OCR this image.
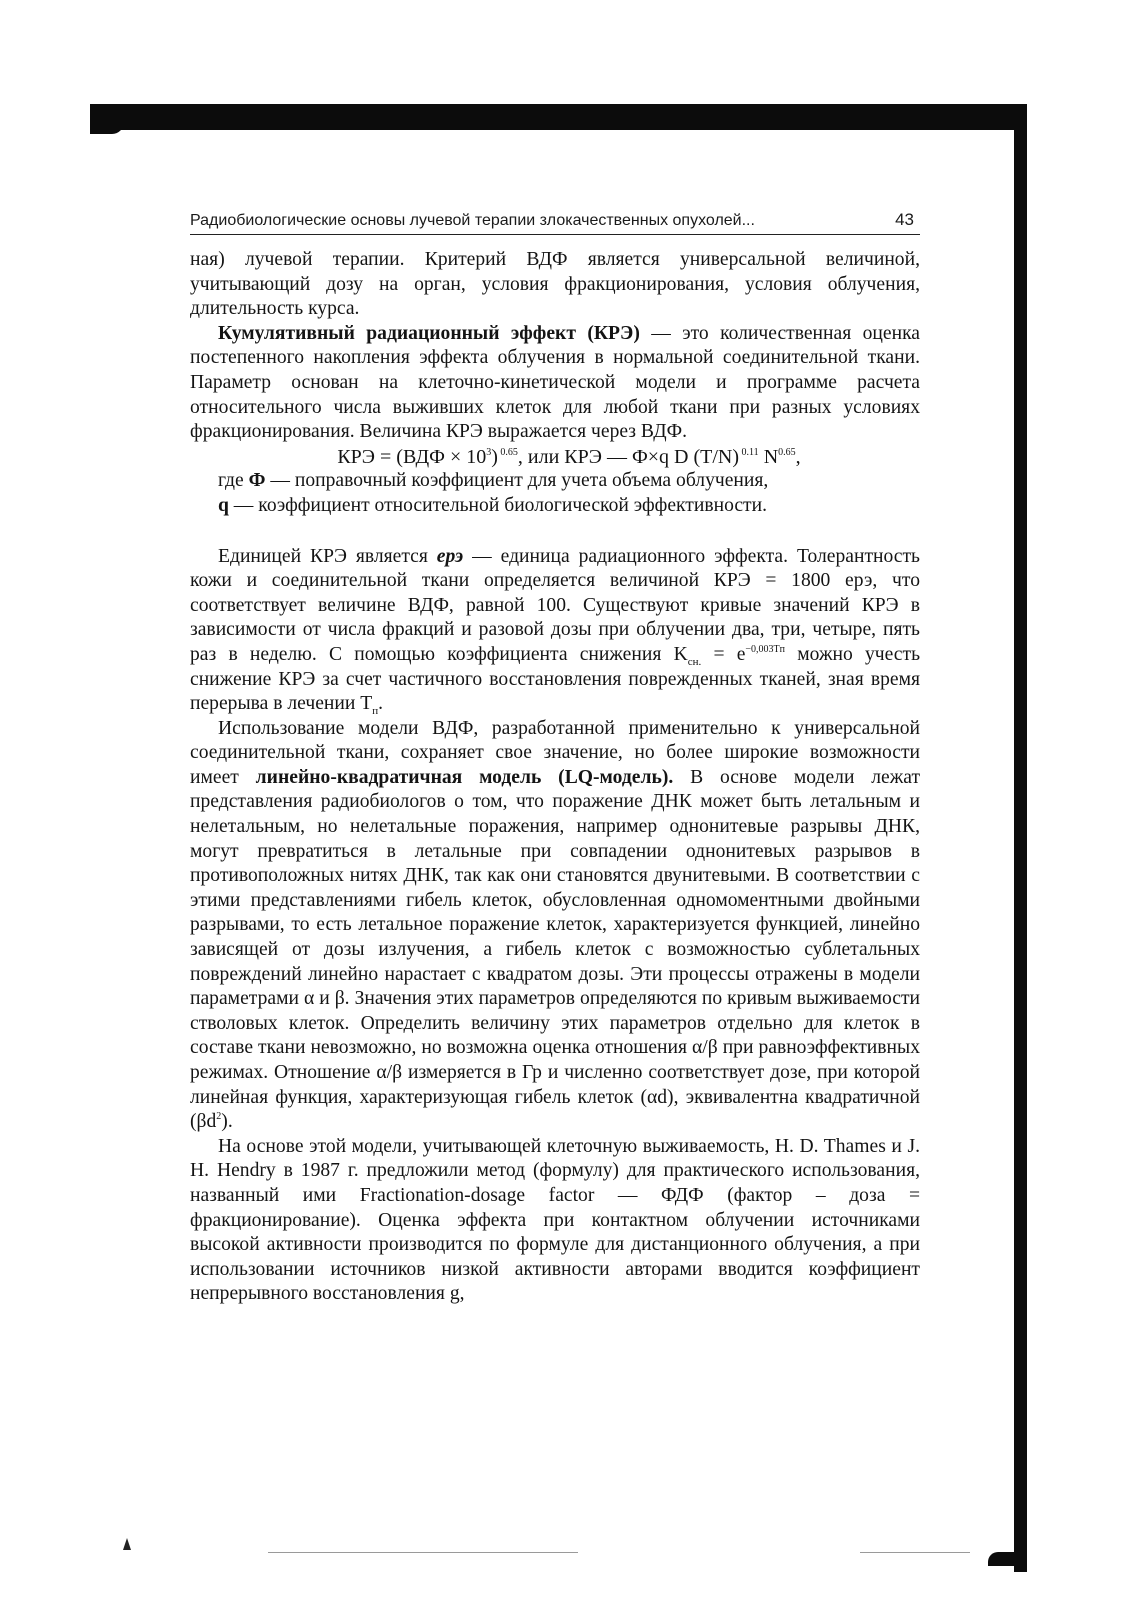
Радиобиологические основы лучевой терапии злокачественных опухолей...	43

ная) лучевой терапии. Критерий ВДФ является универсальной величиной, учитывающий дозу на орган, условия фракционирования, условия облучения, длительность курса.

Кумулятивный радиационный эффект (КРЭ) — это количественная оценка постепенного накопления эффекта облучения в нормальной соединительной ткани. Параметр основан на клеточно-кинетической модели и программе расчета относительного числа выживших клеток для любой ткани при разных условиях фракционирования. Величина КРЭ выражается через ВДФ.

КРЭ = $(ВДФ \times 10^3)$ $^{0.65}$, или КРЭ — Ф×q D (T/N) $^{0.11}$ $N^{0.65}$,

где Ф — поправочный коэффициент для учета объема облучения,

q — коэффициент относительной биологической эффективности.

Единицей КРЭ является ерэ — единица радиационного эффекта. Толерантность кожи и соединительной ткани определяется величиной КРЭ = 1800 ерэ, что соответствует величине ВДФ, равной 100. Существуют кривые значений КРЭ в зависимости от числа фракций и разовой дозы при облучении два, три, четыре, пять раз в неделю. С помощью коэффициента снижения $K_{сн.} = e^{-0,003Tп}$ можно учесть снижение КРЭ за счет частичного восстановления поврежденных тканей, зная время перерыва в лечении $T_п$.

Использование модели ВДФ, разработанной применительно к универсальной соединительной ткани, сохраняет свое значение, но более широкие возможности имеет линейно-квадратичная модель (LQ-модель). В основе модели лежат представления радиобиологов о том, что поражение ДНК может быть летальным и нелетальным, но нелетальные поражения, например однонитевые разрывы ДНК, могут превратиться в летальные при совпадении однонитевых разрывов в противоположных нитях ДНК, так как они становятся двунитевыми. В соответствии с этими представлениями гибель клеток, обусловленная одномоментными двойными разрывами, то есть летальное поражение клеток, характеризуется функцией, линейно зависящей от дозы излучения, а гибель клеток с возможностью сублетальных повреждений линейно нарастает с квадратом дозы. Эти процессы отражены в модели параметрами α и β. Значения этих параметров определяются по кривым выживаемости стволовых клеток. Определить величину этих параметров отдельно для клеток в составе ткани невозможно, но возможна оценка отношения α/β при равноэффективных режимах. Отношение α/β измеряется в Гр и численно соответствует дозе, при которой линейная функция, характеризующая гибель клеток (αd), эквивалентна квадратичной $(\beta d^2)$.

На основе этой модели, учитывающей клеточную выживаемость, H. D. Thames и J. H. Hendry в 1987 г. предложили метод (формулу) для практического использования, названный ими Fractionation-dosage factor — ФДФ (фактор – доза = фракционирование). Оценка эффекта при контактном облучении источниками высокой активности производится по формуле для дистанционного облучения, а при использовании источников низкой активности авторами вводится коэффициент непрерывного восстановления g,
